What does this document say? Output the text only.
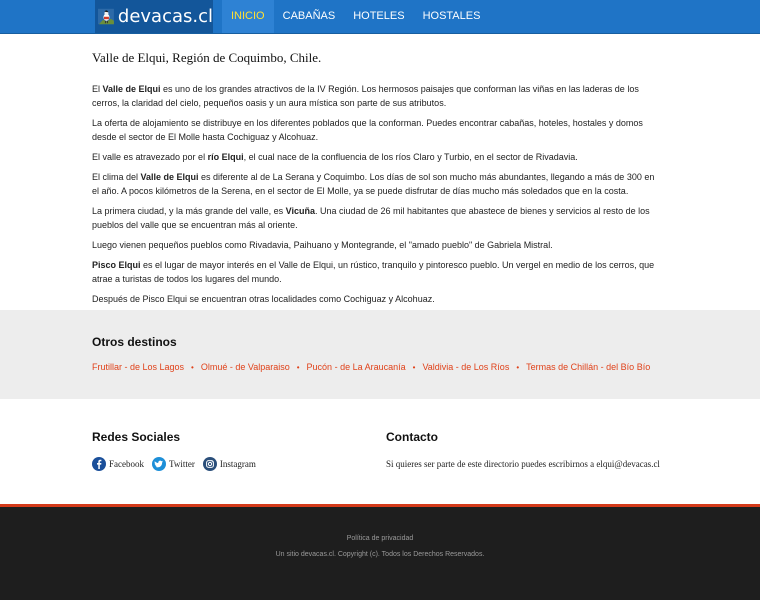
devacas.cl	INICIO	CABAÑAS	HOTELES	HOSTALES
Valle de Elqui, Región de Coquimbo, Chile.

El Valle de Elqui es uno de los grandes atractivos de la IV Región. Los hermosos paisajes que conforman las viñas en las laderas de los cerros, la claridad del cielo, pequeños oasis y un aura mística son parte de sus atributos.

La oferta de alojamiento se distribuye en los diferentes poblados que la conforman. Puedes encontrar cabañas, hoteles, hostales y domos desde el sector de El Molle hasta Cochiguaz y Alcohuaz.

El valle es atravezado por el río Elqui, el cual nace de la confluencia de los ríos Claro y Turbio, en el sector de Rivadavia.

El clima del Valle de Elqui es diferente al de La Serana y Coquimbo. Los días de sol son mucho más abundantes, llegando a más de 300 en el año. A pocos kilómetros de la Serena, en el sector de El Molle, ya se puede disfrutar de días mucho más soledados que en la costa.

La primera ciudad, y la más grande del valle, es Vicuña. Una ciudad de 26 mil habitantes que abastece de bienes y servicios al resto de los pueblos del valle que se encuentran más al oriente.

Luego vienen pequeños pueblos como Rivadavia, Paihuano y Montegrande, el "amado pueblo" de Gabriela Mistral.

Pisco Elqui es el lugar de mayor interés en el Valle de Elqui, un rústico, tranquilo y pintoresco pueblo. Un vergel en medio de los cerros, que atrae a turistas de todos los lugares del mundo.

Después de Pisco Elqui se encuentran otras localidades como Cochiguaz y Alcohuaz.

Otros destinos
Frutillar - de Los Lagos • Olmué - de Valparaiso • Pucón - de La Araucanía • Valdivia - de Los Ríos • Termas de Chillán - del Bío Bío
Redes Sociales
Facebook	Twitter	Instagram
Contacto
Si quieres ser parte de este directorio puedes escribirnos a elqui@devacas.cl
Política de privacidad
Un sitio devacas.cl. Copyright (c). Todos los Derechos Reservados.
